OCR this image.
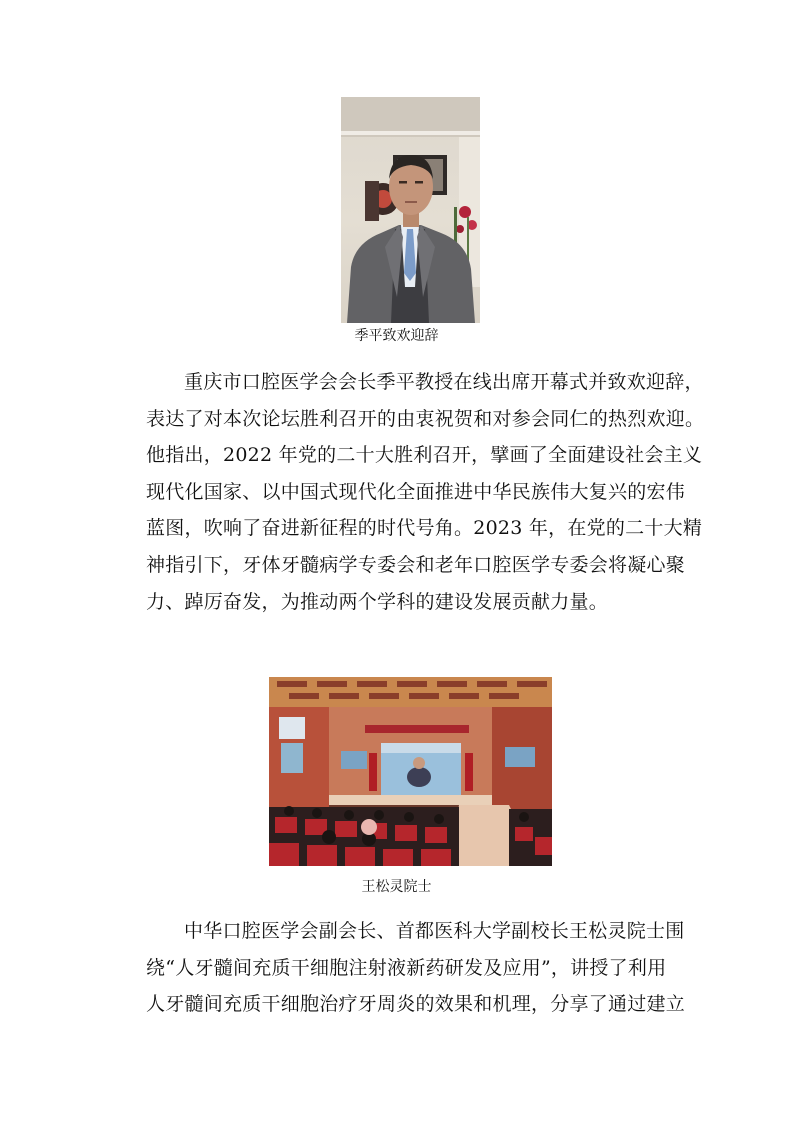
季平致欢迎辞
重庆市口腔医学会会长季平教授在线出席开幕式并致欢迎辞，
表达了对本次论坛胜利召开的由衷祝贺和对参会同仁的热烈欢迎。
他指出，2022 年党的二十大胜利召开，擘画了全面建设社会主义
现代化国家、以中国式现代化全面推进中华民族伟大复兴的宏伟
蓝图，吹响了奋进新征程的时代号角。2023 年，在党的二十大精
神指引下，牙体牙髓病学专委会和老年口腔医学专委会将凝心聚
力、踔厉奋发，为推动两个学科的建设发展贡献力量。
王松灵院士
中华口腔医学会副会长、首都医科大学副校长王松灵院士围
绕“人牙髓间充质干细胞注射液新药研发及应用”，讲授了利用
人牙髓间充质干细胞治疗牙周炎的效果和机理，分享了通过建立
